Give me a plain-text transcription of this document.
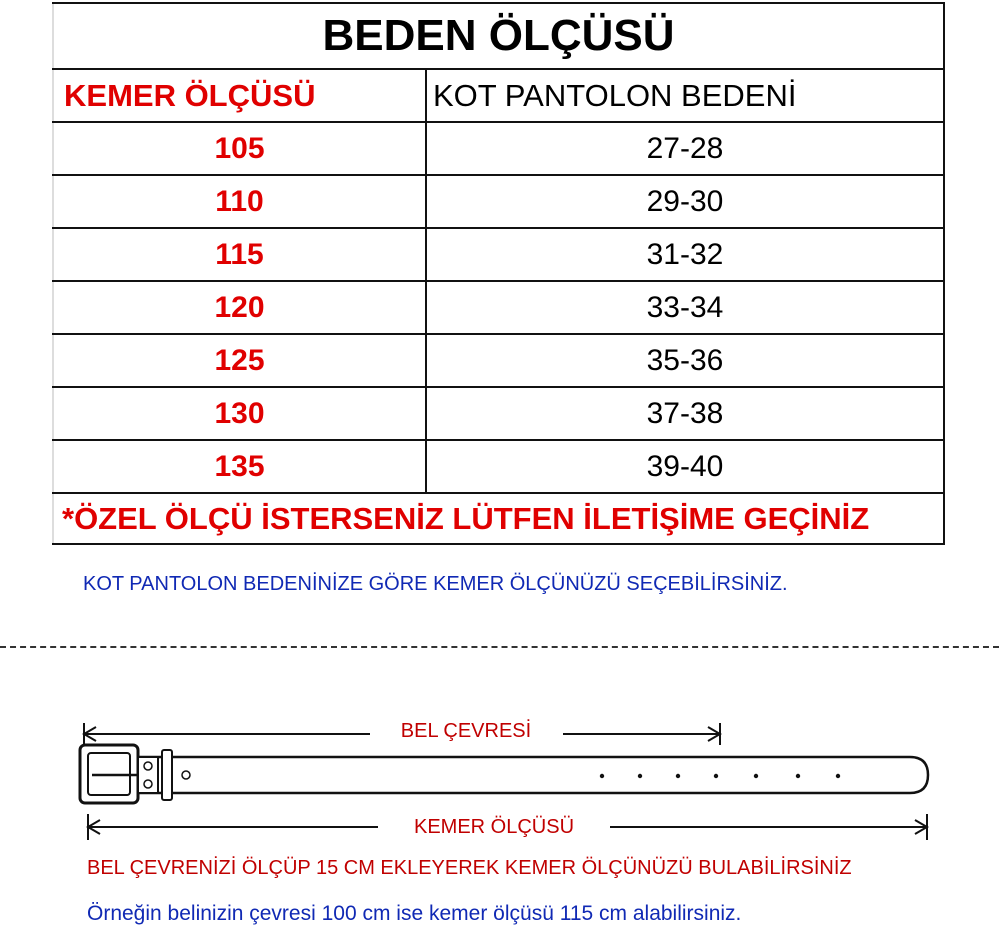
BEDEN ÖLÇÜSÜ	
KEMER ÖLÇÜSÜ	KOT PANTOLON BEDENİ
105	27-28
110	29-30
115	31-32
120	33-34
125	35-36
130	37-38
135	39-40
*ÖZEL ÖLÇÜ İSTERSENİZ LÜTFEN İLETİŞİME GEÇİNİZ	
KOT PANTOLON BEDENİNİZE GÖRE KEMER ÖLÇÜNÜZÜ SEÇEBİLİRSİNİZ.
BEL ÇEVRESİ
KEMER ÖLÇÜSÜ
BEL ÇEVRENİZİ ÖLÇÜP 15 CM EKLEYEREK KEMER ÖLÇÜNÜZÜ BULABİLİRSİNİZ
Örneğin belinizin çevresi 100 cm ise kemer ölçüsü 115 cm alabilirsiniz.
